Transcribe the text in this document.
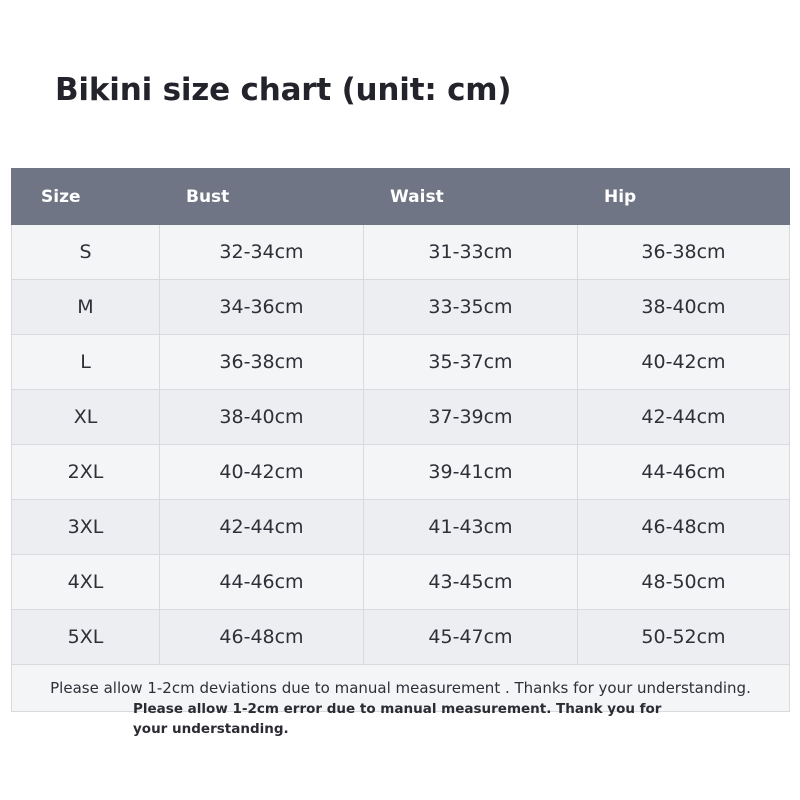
Bikini size chart (unit: cm)
Size	Bust	Waist	Hip
S	32-34cm	31-33cm	36-38cm
M	34-36cm	33-35cm	38-40cm
L	36-38cm	35-37cm	40-42cm
XL	38-40cm	37-39cm	42-44cm
2XL	40-42cm	39-41cm	44-46cm
3XL	42-44cm	41-43cm	46-48cm
4XL	44-46cm	43-45cm	48-50cm
5XL	46-48cm	45-47cm	50-52cm
Please allow 1-2cm deviations due to manual measurement . Thanks for your understanding.			
Please allow 1-2cm error due to manual measurement. Thank you for your understanding.
